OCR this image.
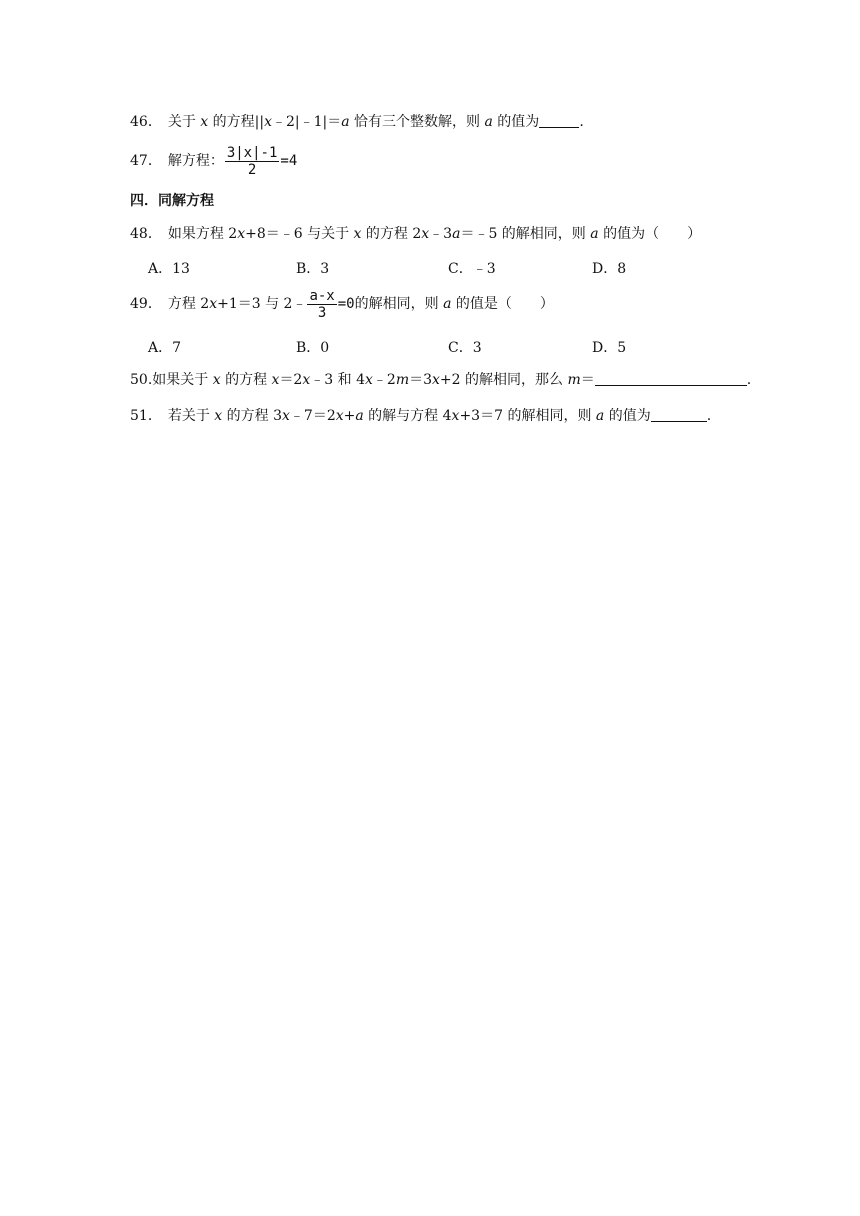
46． 关于 x 的方程||x﹣2|﹣1|＝a 恰有三个整数解，则 a 的值为	.
47． 解方程： $\frac{3|x|-1}{2} =4$
四．同解方程
48． 如果方程 2x+8＝﹣6 与关于 x 的方程 2x﹣3a＝﹣5 的解相同，则 a 的值为（　　）
A．13	B．3	C．﹣3	D．8
49． 方程 2x+1＝3 与 2﹣ $\frac{a-x}{3} =0$的解相同，则 a 的值是（　　）
A．7	B．0	C．3	D．5
50.如果关于 x 的方程 x＝2x﹣3 和 4x﹣2m＝3x+2 的解相同，那么 m＝	.
51． 若关于 x 的方程 3x﹣7＝2x+a 的解与方程 4x+3＝7 的解相同，则 a 的值为	.
